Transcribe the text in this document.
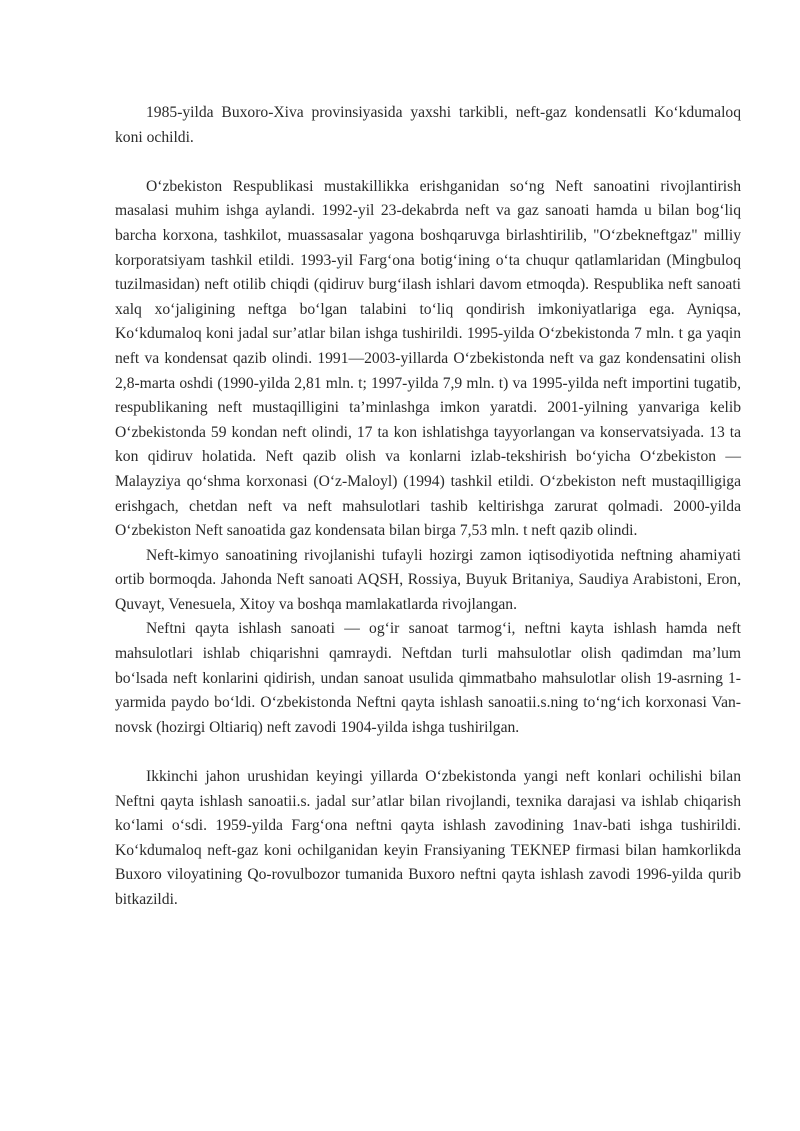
1985-yilda Buxoro-Xiva provinsiyasida yaxshi tarkibli, neft-gaz kondensatli Ko‘kdumaloq koni ochildi.

O‘zbekiston Respublikasi mustakillikka erishganidan so‘ng Neft sanoatini rivojlantirish masalasi muhim ishga aylandi. 1992-yil 23-dekabrda neft va gaz sanoati hamda u bilan bog‘liq barcha korxona, tashkilot, muassasalar yagona boshqaruvga birlashtirilib, "O‘zbekneftgaz" milliy korporatsiyam tashkil etildi. 1993-yil Farg‘ona botig‘ining o‘ta chuqur qatlamlaridan (Mingbuloq tuzilmasidan) neft otilib chiqdi (qidiruv burg‘ilash ishlari davom etmoqda). Respublika neft sanoati xalq xo‘jaligining neftga bo‘lgan talabini to‘liq qondirish imkoniyatlariga ega. Ayniqsa, Ko‘kdumaloq koni jadal sur’atlar bilan ishga tushirildi. 1995-yilda O‘zbekistonda 7 mln. t ga yaqin neft va kondensat qazib olindi. 1991—2003-yillarda O‘zbekistonda neft va gaz kondensatini olish 2,8-marta oshdi (1990-yilda 2,81 mln. t; 1997-yilda 7,9 mln. t) va 1995-yilda neft importini tugatib, respublikaning neft mustaqilligini ta’minlashga imkon yaratdi. 2001-yilning yanvariga kelib O‘zbekistonda 59 kondan neft olindi, 17 ta kon ishlatishga tayyorlangan va konservatsiyada. 13 ta kon qidiruv holatida. Neft qazib olish va konlarni izlab-tekshirish bo‘yicha O‘zbekiston — Malayziya qo‘shma korxonasi (O‘z-Maloyl) (1994) tashkil etildi. O‘zbekiston neft mustaqilligiga erishgach, chetdan neft va neft mahsulotlari tashib keltirishga zarurat qolmadi. 2000-yilda O‘zbekiston Neft sanoatida gaz kondensata bilan birga 7,53 mln. t neft qazib olindi.

Neft-kimyo sanoatining rivojlanishi tufayli hozirgi zamon iqtisodiyotida neftning ahamiyati ortib bormoqda. Jahonda Neft sanoati AQSH, Rossiya, Buyuk Britaniya, Saudiya Arabistoni, Eron, Quvayt, Venesuela, Xitoy va boshqa mamlakatlarda rivojlangan.

Neftni qayta ishlash sanoati — og‘ir sanoat tarmog‘i, neftni kayta ishlash hamda neft mahsulotlari ishlab chiqarishni qamraydi. Neftdan turli mahsulotlar olish qadimdan ma’lum bo‘lsada neft konlarini qidirish, undan sanoat usulida qimmatbaho mahsulotlar olish 19-asrning 1-yarmida paydo bo‘ldi. O‘zbekistonda Neftni qayta ishlash sanoatii.s.ning to‘ng‘ich korxonasi Van-novsk (hozirgi Oltiariq) neft zavodi 1904-yilda ishga tushirilgan.

Ikkinchi jahon urushidan keyingi yillarda O‘zbekistonda yangi neft konlari ochilishi bilan Neftni qayta ishlash sanoatii.s. jadal sur’atlar bilan rivojlandi, texnika darajasi va ishlab chiqarish ko‘lami o‘sdi. 1959-yilda Farg‘ona neftni qayta ishlash zavodining 1nav-bati ishga tushirildi. Ko‘kdumaloq neft-gaz koni ochilganidan keyin Fransiyaning TEKNEP firmasi bilan hamkorlikda Buxoro viloyatining Qo-rovulbozor tumanida Buxoro neftni qayta ishlash zavodi 1996-yilda qurib bitkazildi.
